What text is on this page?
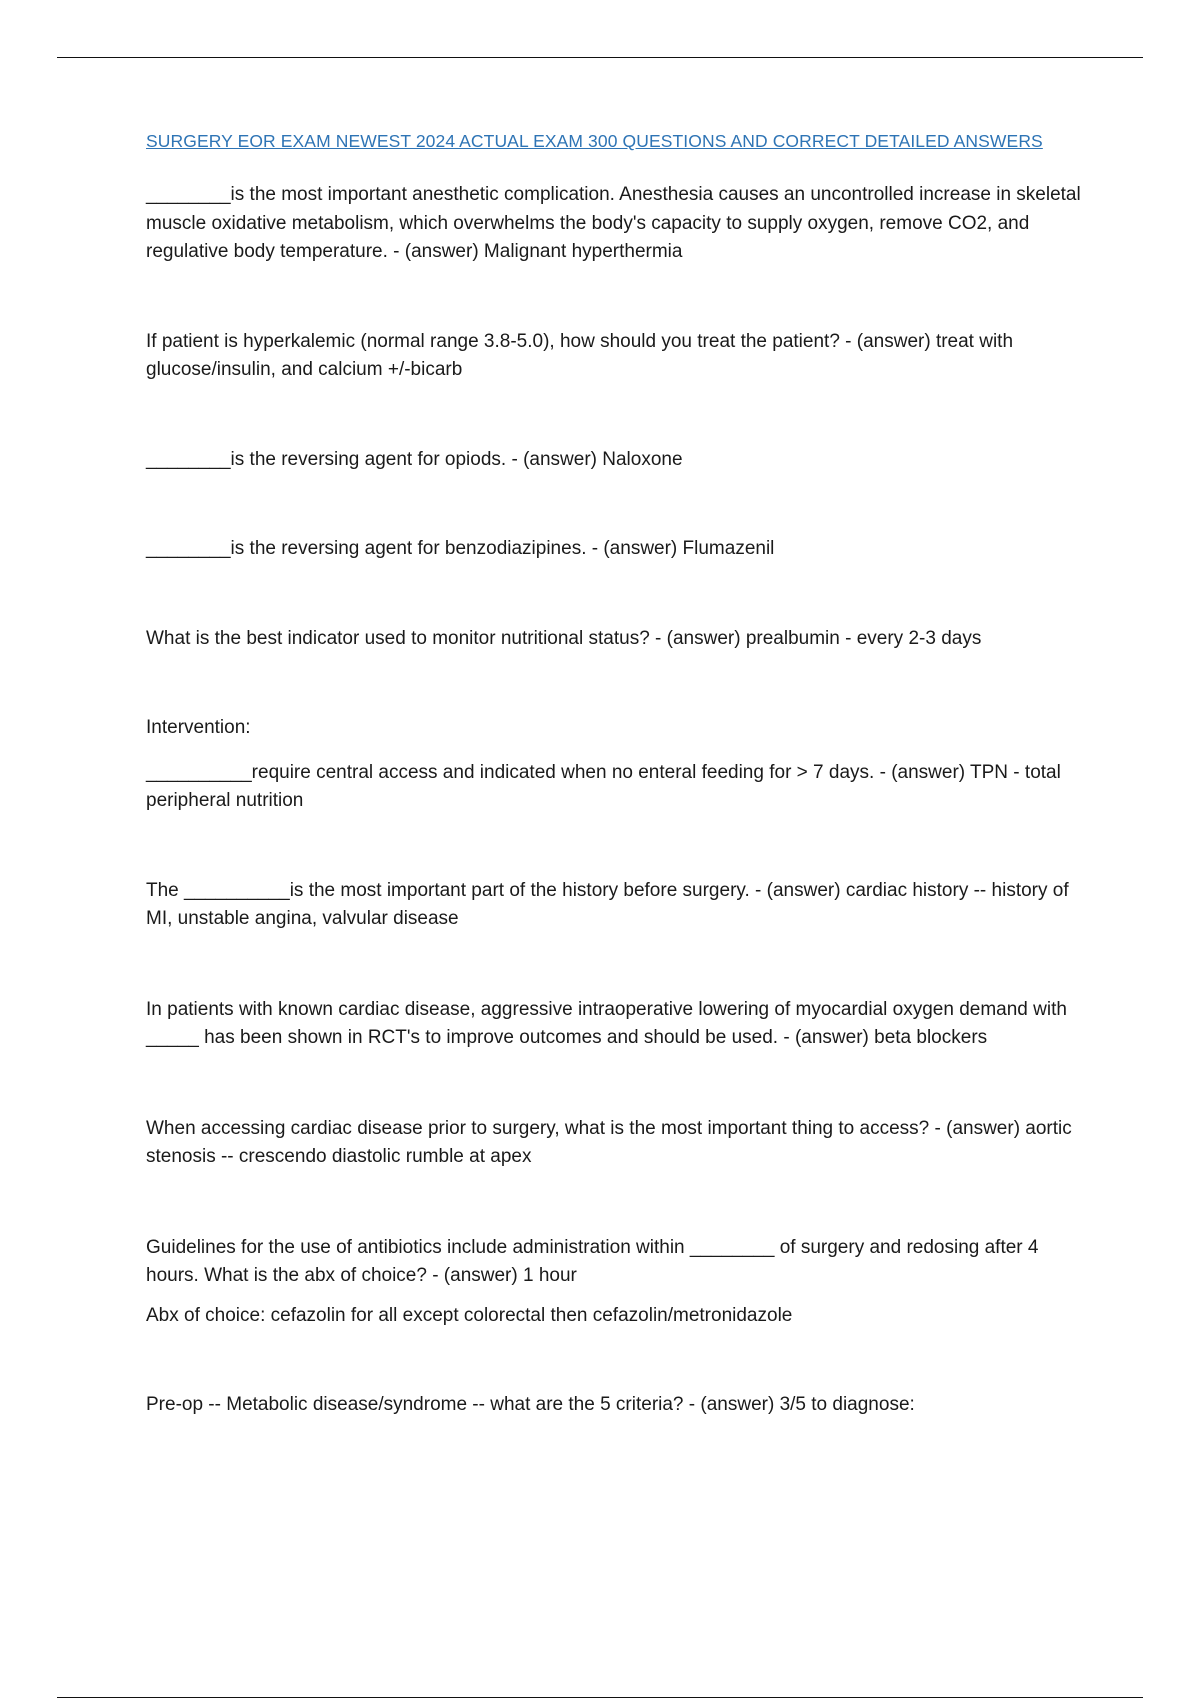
SURGERY EOR EXAM NEWEST 2024 ACTUAL EXAM 300 QUESTIONS AND CORRECT DETAILED ANSWERS

________is the most important anesthetic complication. Anesthesia causes an uncontrolled increase in skeletal muscle oxidative metabolism, which overwhelms the body's capacity to supply oxygen, remove CO2, and regulative body temperature. - (answer) Malignant hyperthermia

If patient is hyperkalemic (normal range 3.8-5.0), how should you treat the patient? - (answer) treat with glucose/insulin, and calcium +/-bicarb

________is the reversing agent for opiods. - (answer) Naloxone

________is the reversing agent for benzodiazipines. - (answer) Flumazenil

What is the best indicator used to monitor nutritional status? - (answer) prealbumin - every 2-3 days

Intervention:

__________require central access and indicated when no enteral feeding for > 7 days. - (answer) TPN - total peripheral nutrition

The __________is the most important part of the history before surgery. - (answer) cardiac history -- history of MI, unstable angina, valvular disease

In patients with known cardiac disease, aggressive intraoperative lowering of myocardial oxygen demand with _____ has been shown in RCT's to improve outcomes and should be used. - (answer) beta blockers

When accessing cardiac disease prior to surgery, what is the most important thing to access? - (answer) aortic stenosis -- crescendo diastolic rumble at apex

Guidelines for the use of antibiotics include administration within ________ of surgery and redosing after 4 hours. What is the abx of choice? - (answer) 1 hour

Abx of choice: cefazolin for all except colorectal then cefazolin/metronidazole

Pre-op -- Metabolic disease/syndrome -- what are the 5 criteria? - (answer) 3/5 to diagnose:
